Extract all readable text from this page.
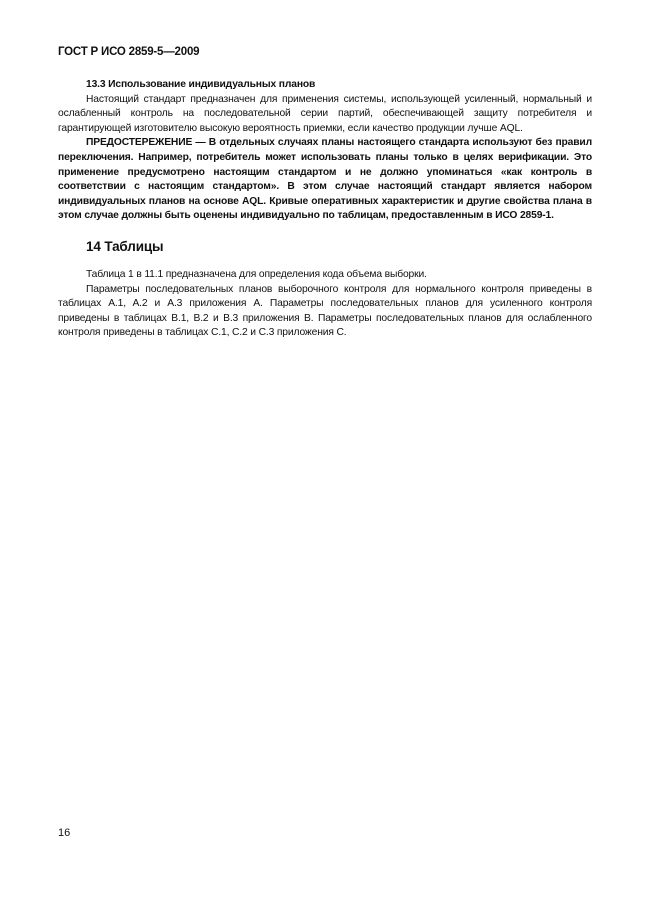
ГОСТ Р ИСО 2859-5—2009
13.3 Использование индивидуальных планов

Настоящий стандарт предназначен для применения системы, использующей усиленный, нормальный и ослабленный контроль на последовательной серии партий, обеспечивающей защиту потребителя и гарантирующей изготовителю высокую вероятность приемки, если качество продукции лучше AQL.

ПРЕДОСТЕРЕЖЕНИЕ — В отдельных случаях планы настоящего стандарта используют без правил переключения. Например, потребитель может использовать планы только в целях верификации. Это применение предусмотрено настоящим стандартом и не должно упоминаться «как контроль в соответствии с настоящим стандартом». В этом случае настоящий стандарт является набором индивидуальных планов на основе AQL. Кривые оперативных характеристик и другие свойства плана в этом случае должны быть оценены индивидуально по таблицам, предоставленным в ИСО 2859-1.

14 Таблицы

Таблица 1 в 11.1 предназначена для определения кода объема выборки.

Параметры последовательных планов выборочного контроля для нормального контроля приведены в таблицах A.1, A.2 и A.3 приложения A. Параметры последовательных планов для усиленного контроля приведены в таблицах B.1, B.2 и B.3 приложения B. Параметры последовательных планов для ослабленного контроля приведены в таблицах C.1, C.2 и C.3 приложения C.

16
